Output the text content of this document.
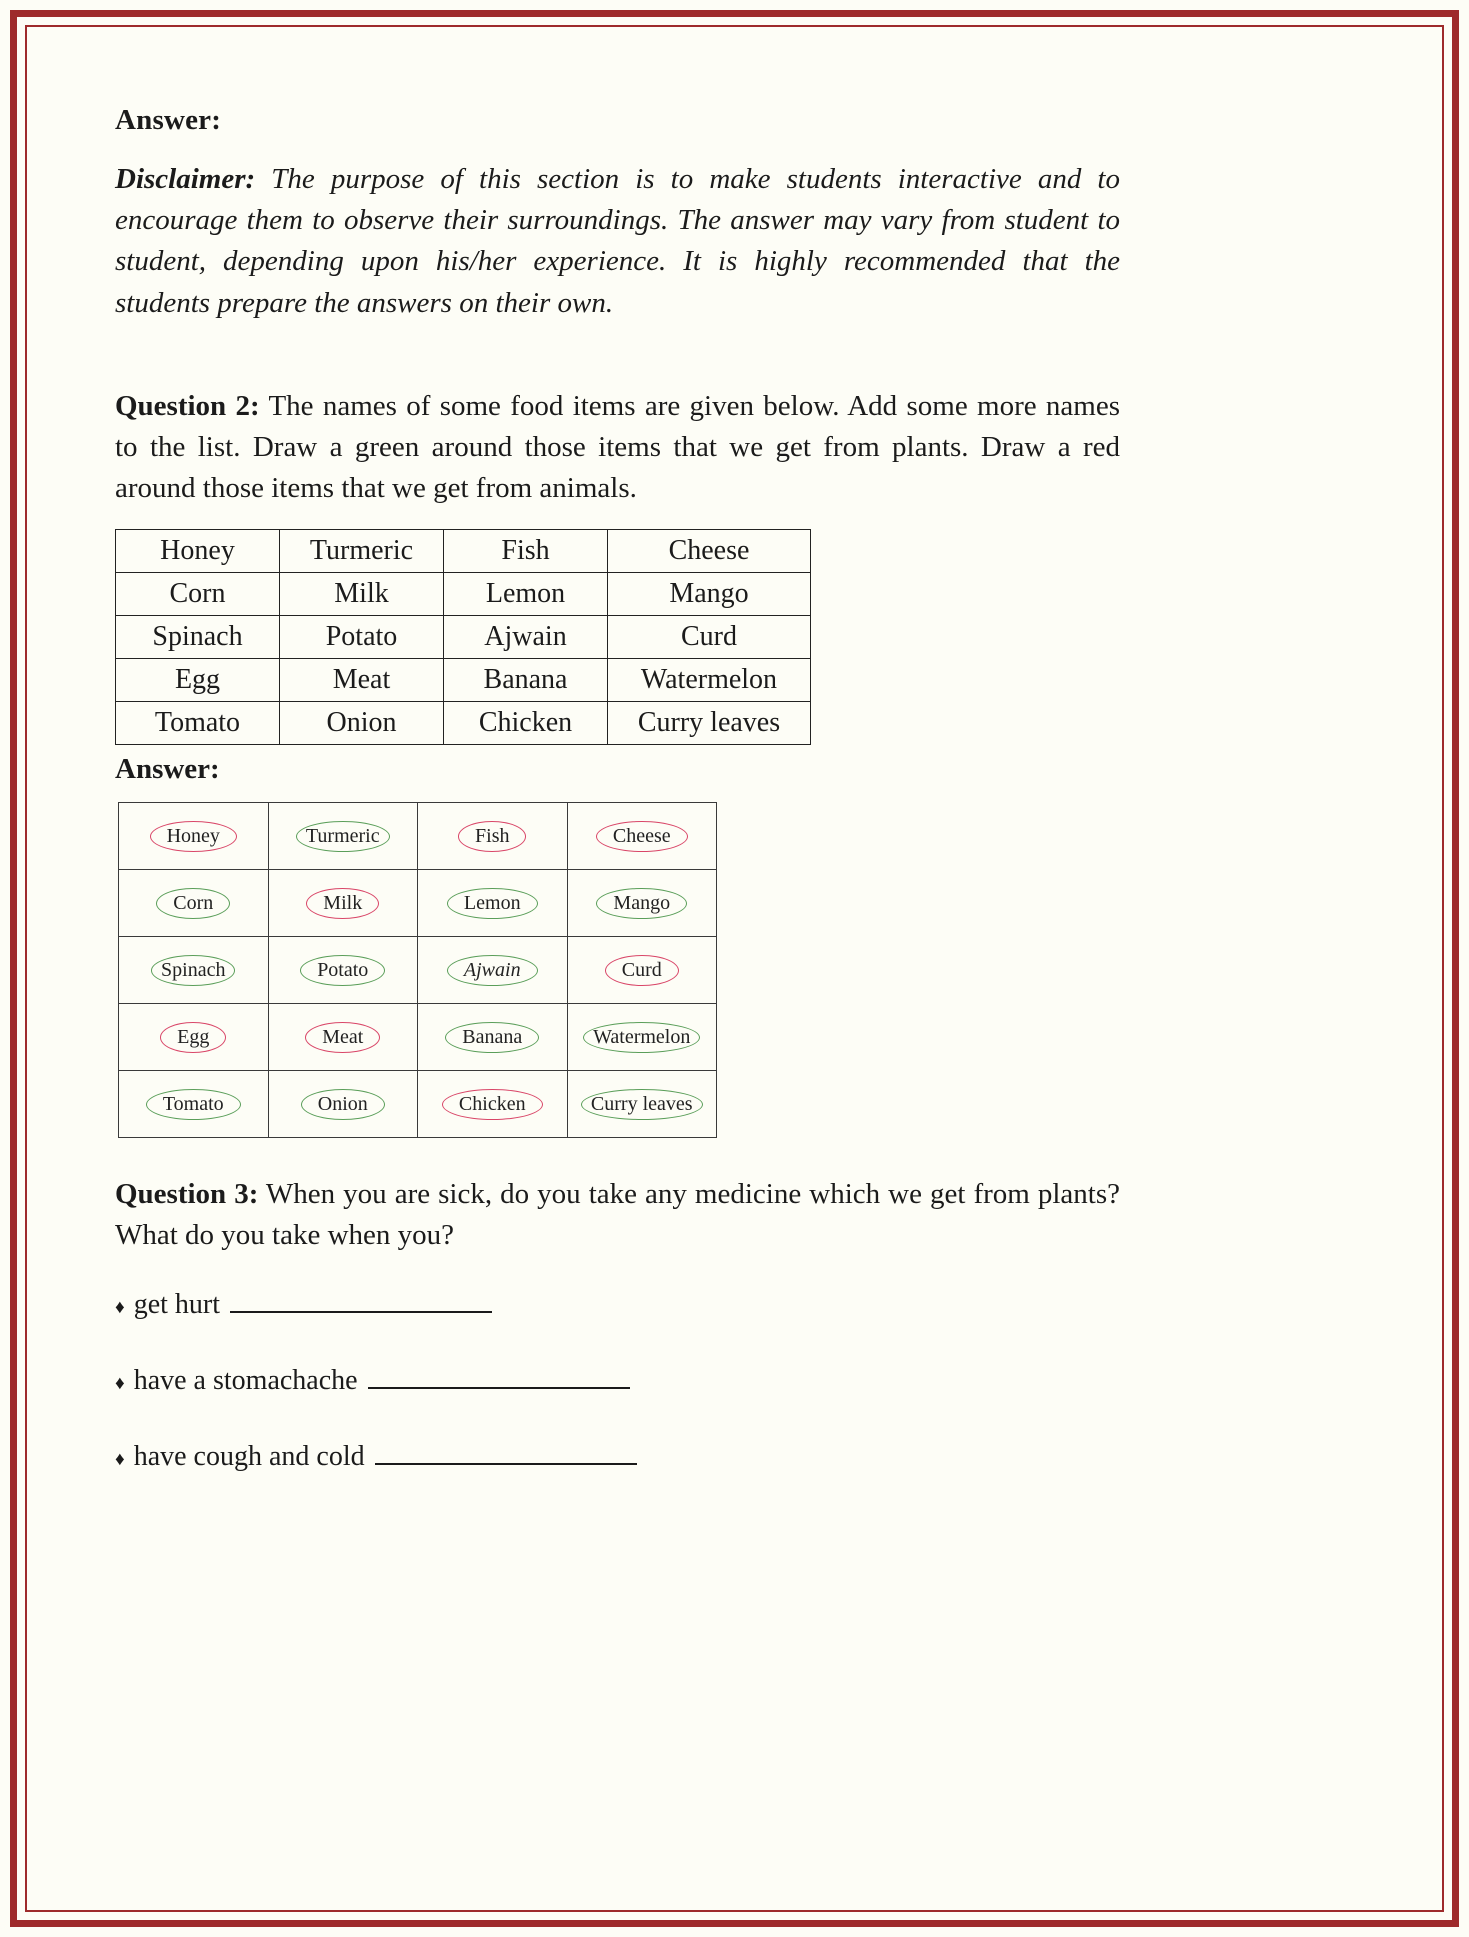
Answer:

Disclaimer: The purpose of this section is to make students interactive and to encourage them to observe their surroundings. The answer may vary from student to student, depending upon his/her experience. It is highly recommended that the students prepare the answers on their own.

Question 2: The names of some food items are given below. Add some more names to the list. Draw a green around those items that we get from plants. Draw a red around those items that we get from animals.
Honey	Turmeric	Fish	Cheese
Corn	Milk	Lemon	Mango
Spinach	Potato	Ajwain	Curd
Egg	Meat	Banana	Watermelon
Tomato	Onion	Chicken	Curry leaves
Answer:
Honey	Turmeric	Fish	Cheese
Corn	Milk	Lemon	Mango
Spinach	Potato	Ajwain	Curd
Egg	Meat	Banana	Watermelon
Tomato	Onion	Chicken	Curry leaves
Question 3: When you are sick, do you take any medicine which we get from plants? What do you take when you?
♦ get hurt
♦ have a stomachache
♦ have cough and cold
